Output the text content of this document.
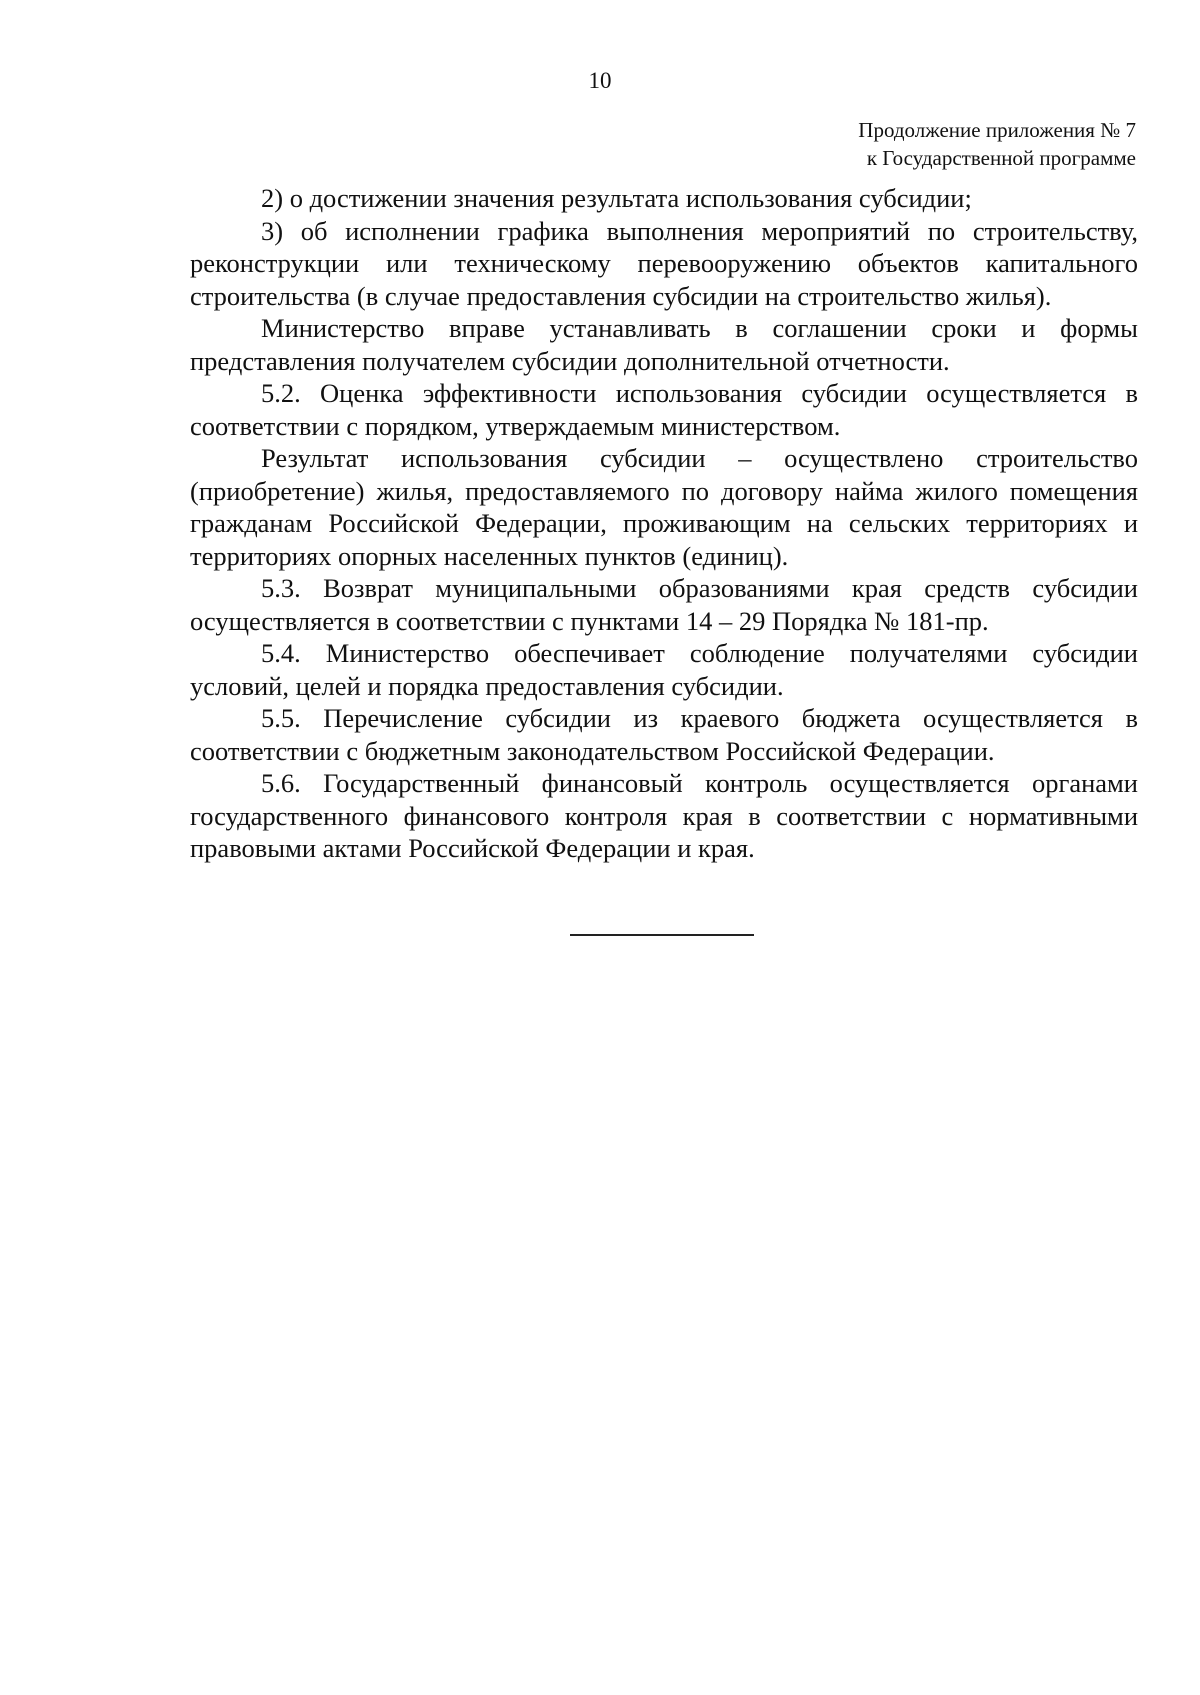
10
Продолжение приложения № 7
к Государственной программе

2) о достижении значения результата использования субсидии;

3) об исполнении графика выполнения мероприятий по строительству, реконструкции или техническому перевооружению объектов капитального строительства (в случае предоставления субсидии на строительство жилья).

Министерство вправе устанавливать в соглашении сроки и формы представления получателем субсидии дополнительной отчетности.

5.2. Оценка эффективности использования субсидии осуществляется в соответствии с порядком, утверждаемым министерством.

Результат использования субсидии – осуществлено строительство (приобретение) жилья, предоставляемого по договору найма жилого помещения гражданам Российской Федерации, проживающим на сельских территориях и территориях опорных населенных пунктов (единиц).

5.3. Возврат муниципальными образованиями края средств субсидии осуществляется в соответствии с пунктами 14 – 29 Порядка № 181-пр.

5.4. Министерство обеспечивает соблюдение получателями субсидии условий, целей и порядка предоставления субсидии.

5.5. Перечисление субсидии из краевого бюджета осуществляется в соответствии с бюджетным законодательством Российской Федерации.

5.6. Государственный финансовый контроль осуществляется органами государственного финансового контроля края в соответствии с нормативными правовыми актами Российской Федерации и края.
